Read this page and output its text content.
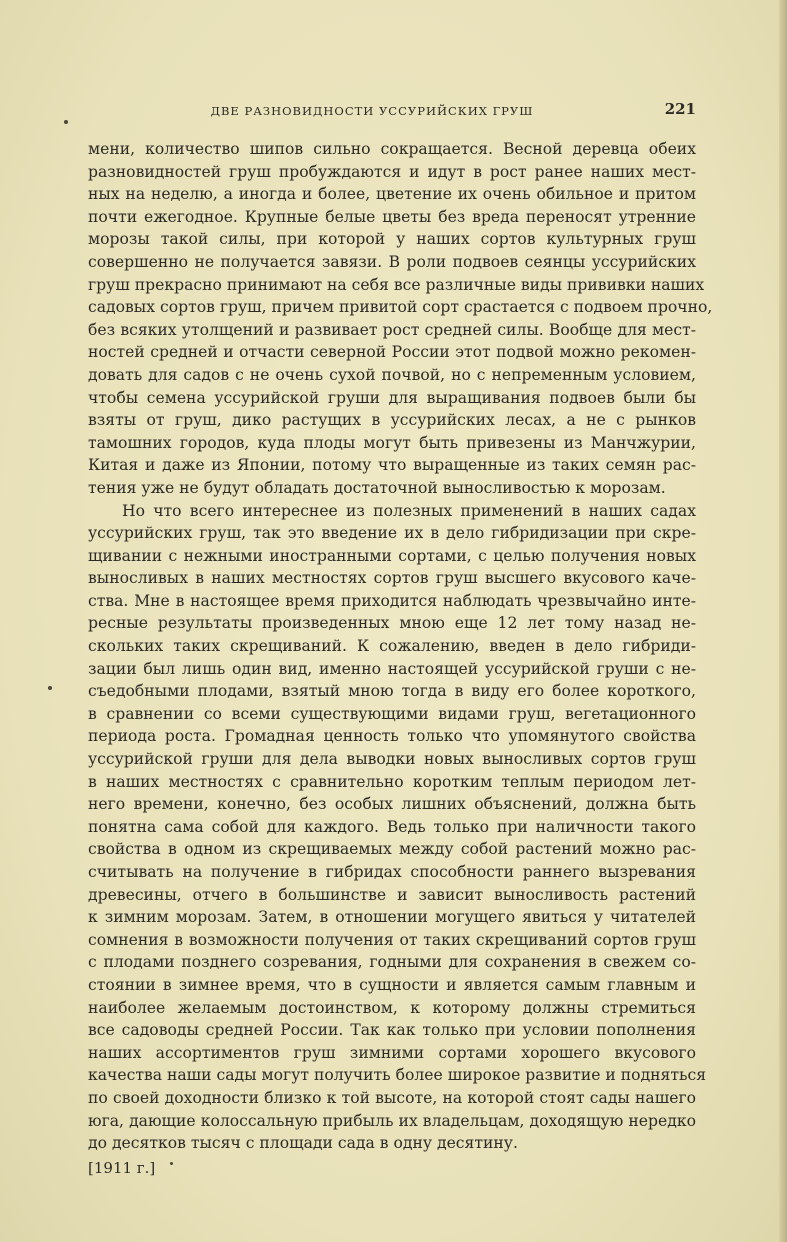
ДВЕ РАЗНОВИДНОСТИ УССУРИЙСКИХ ГРУШ	221
мени, количество шипов сильно сокращается. Весной деревца обеих
разновидностей груш пробуждаются и идут в рост ранее наших мест-
ных на неделю, а иногда и более, цветение их очень обильное и притом
почти ежегодное. Крупные белые цветы без вреда переносят утренние
морозы такой силы, при которой у наших сортов культурных груш
совершенно не получается завязи. В роли подвоев сеянцы уссурийских
груш прекрасно принимают на себя все различные виды прививки наших
садовых сортов груш, причем привитой сорт срастается с подвоем прочно,
без всяких утолщений и развивает рост средней силы. Вообще для мест-
ностей средней и отчасти северной России этот подвой можно рекомен-
довать для садов с не очень сухой почвой, но с непременным условием,
чтобы семена уссурийской груши для выращивания подвоев были бы
взяты от груш, дико растущих в уссурийских лесах, а не с рынков
тамошних городов, куда плоды могут быть привезены из Манчжурии,
Китая и даже из Японии, потому что выращенные из таких семян рас-
тения уже не будут обладать достаточной выносливостью к морозам.
Но что всего интереснее из полезных применений в наших садах
уссурийских груш, так это введение их в дело гибридизации при скре-
щивании с нежными иностранными сортами, с целью получения новых
выносливых в наших местностях сортов груш высшего вкусового каче-
ства. Мне в настоящее время приходится наблюдать чрезвычайно инте-
ресные результаты произведенных мною еще 12 лет тому назад не-
скольких таких скрещиваний. К сожалению, введен в дело гибриди-
зации был лишь один вид, именно настоящей уссурийской груши с не-
съедобными плодами, взятый мною тогда в виду его более короткого,
в сравнении со всеми существующими видами груш, вегетационного
периода роста. Громадная ценность только что упомянутого свойства
уссурийской груши для дела выводки новых выносливых сортов груш
в наших местностях с сравнительно коротким теплым периодом лет-
него времени, конечно, без особых лишних объяснений, должна быть
понятна сама собой для каждого. Ведь только при наличности такого
свойства в одном из скрещиваемых между собой растений можно рас-
считывать на получение в гибридах способности раннего вызревания
древесины, отчего в большинстве и зависит выносливость растений
к зимним морозам. Затем, в отношении могущего явиться у читателей
сомнения в возможности получения от таких скрещиваний сортов груш
с плодами позднего созревания, годными для сохранения в свежем со-
стоянии в зимнее время, что в сущности и является самым главным и
наиболее желаемым достоинством, к которому должны стремиться
все садоводы средней России. Так как только при условии пополнения
наших ассортиментов груш зимними сортами хорошего вкусового
качества наши сады могут получить более широкое развитие и подняться
по своей доходности близко к той высоте, на которой стоят сады нашего
юга, дающие колоссальную прибыль их владельцам, доходящую нередко
до десятков тысяч с площади сада в одну десятину.
[1911 г.]
